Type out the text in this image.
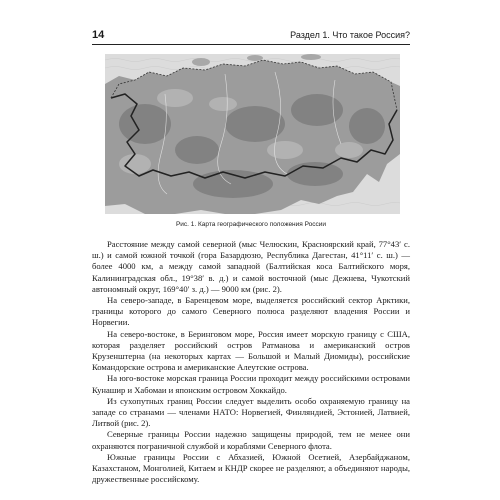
14	Раздел 1. Что такое Россия?
Рис. 1. Карта географического положения России

Расстояние между самой северной (мыс Челюскин, Красноярский край, 77°43′ с. ш.) и самой южной точкой (гора Базардюзю, Республика Дагестан, 41°11′ с. ш.) — более 4000 км, а между самой западной (Балтийская коса Балтийского моря, Калининградская обл., 19°38′ в. д.) и самой восточной (мыс Дежнева, Чукотский автономный округ, 169°40′ з. д.) — 9000 км (рис. 2).

На северо-западе, в Баренцевом море, выделяется российский сектор Арктики, границы которого до самого Северного полюса разделяют владения России и Норвегии.

На северо-востоке, в Беринговом море, Россия имеет морскую границу с США, которая разделяет российский остров Ратманова и американский остров Крузенштерна (на некоторых картах — Большой и Малый Диомиды), российские Командорские острова и американские Алеутские острова.

На юго-востоке морская граница России проходит между российскими островами Кунашир и Хабомаи и японским островом Хоккайдо.

Из сухопутных границ России следует выделить особо охраняемую границу на западе со странами — членами НАТО: Норвегией, Финляндией, Эстонией, Латвией, Литвой (рис. 2).

Северные границы России надежно защищены природой, тем не менее они охраняются пограничной службой и кораблями Северного флота.

Южные границы России с Абхазией, Южной Осетией, Азербайджаном, Казахстаном, Монголией, Китаем и КНДР скорее не разделяют, а объединяют народы, дружественные российскому.
